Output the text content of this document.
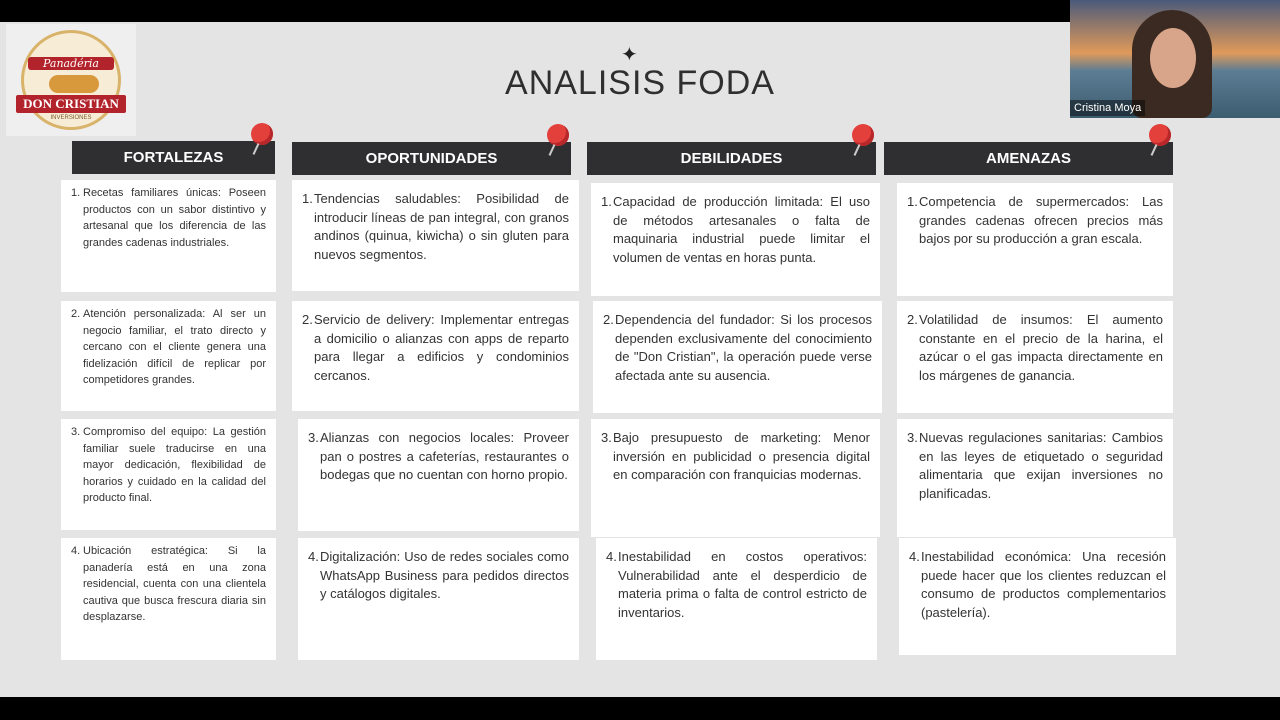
Panadéria
DON CRISTIAN
INVERSIONES
✦
ANALISIS FODA
FORTALEZAS
1. Recetas familiares únicas: Poseen productos con un sabor distintivo y artesanal que los diferencia de las grandes cadenas industriales.
2. Atención personalizada: Al ser un negocio familiar, el trato directo y cercano con el cliente genera una fidelización difícil de replicar por competidores grandes.
3. Compromiso del equipo: La gestión familiar suele traducirse en una mayor dedicación, flexibilidad de horarios y cuidado en la calidad del producto final.
4. Ubicación estratégica: Si la panadería está en una zona residencial, cuenta con una clientela cautiva que busca frescura diaria sin desplazarse.
OPORTUNIDADES
1. Tendencias saludables: Posibilidad de introducir líneas de pan integral, con granos andinos (quinua, kiwicha) o sin gluten para nuevos segmentos.
2. Servicio de delivery: Implementar entregas a domicilio o alianzas con apps de reparto para llegar a edificios y condominios cercanos.
3. Alianzas con negocios locales: Proveer pan o postres a cafeterías, restaurantes o bodegas que no cuentan con horno propio.
4. Digitalización: Uso de redes sociales como WhatsApp Business para pedidos directos y catálogos digitales.
DEBILIDADES
1. Capacidad de producción limitada: El uso de métodos artesanales o falta de maquinaria industrial puede limitar el volumen de ventas en horas punta.
2. Dependencia del fundador: Si los procesos dependen exclusivamente del conocimiento de "Don Cristian", la operación puede verse afectada ante su ausencia.
3. Bajo presupuesto de marketing: Menor inversión en publicidad o presencia digital en comparación con franquicias modernas.
4. Inestabilidad en costos operativos: Vulnerabilidad ante el desperdicio de materia prima o falta de control estricto de inventarios.
AMENAZAS
1. Competencia de supermercados: Las grandes cadenas ofrecen precios más bajos por su producción a gran escala.
2. Volatilidad de insumos: El aumento constante en el precio de la harina, el azúcar o el gas impacta directamente en los márgenes de ganancia.
3. Nuevas regulaciones sanitarias: Cambios en las leyes de etiquetado o seguridad alimentaria que exijan inversiones no planificadas.
4. Inestabilidad económica: Una recesión puede hacer que los clientes reduzcan el consumo de productos complementarios (pastelería).
Cristina Moya
